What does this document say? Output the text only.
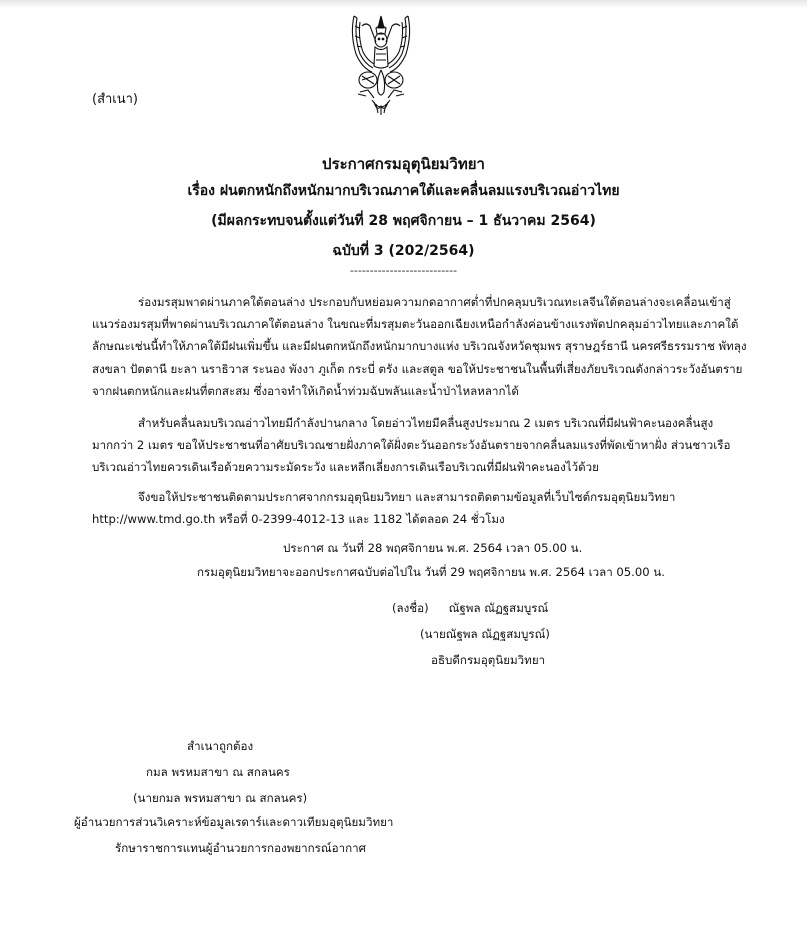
(สำเนา)
ประกาศกรมอุตุนิยมวิทยา
เรื่อง ฝนตกหนักถึงหนักมากบริเวณภาคใต้และคลื่นลมแรงบริเวณอ่าวไทย
(มีผลกระทบจนตั้งแต่วันที่ 28 พฤศจิกายน – 1 ธันวาคม 2564)
ฉบับที่ 3 (202/2564)
---------------------------
ร่องมรสุมพาดผ่านภาคใต้ตอนล่าง ประกอบกับหย่อมความกดอากาศต่ำที่ปกคลุมบริเวณทะเลจีนใต้ตอนล่างจะเคลื่อนเข้าสู่
แนวร่องมรสุมที่พาดผ่านบริเวณภาคใต้ตอนล่าง ในขณะที่มรสุมตะวันออกเฉียงเหนือกำลังค่อนข้างแรงพัดปกคลุมอ่าวไทยและภาคใต้
ลักษณะเช่นนี้ทำให้ภาคใต้มีฝนเพิ่มขึ้น และมีฝนตกหนักถึงหนักมากบางแห่ง บริเวณจังหวัดชุมพร สุราษฎร์ธานี นครศรีธรรมราช พัทลุง
สงขลา ปัตตานี ยะลา นราธิวาส ระนอง พังงา ภูเก็ต กระบี่ ตรัง และสตูล ขอให้ประชาชนในพื้นที่เสี่ยงภัยบริเวณดังกล่าวระวังอันตราย
จากฝนตกหนักและฝนที่ตกสะสม ซึ่งอาจทำให้เกิดน้ำท่วมฉับพลันและน้ำป่าไหลหลากได้
สำหรับคลื่นลมบริเวณอ่าวไทยมีกำลังปานกลาง โดยอ่าวไทยมีคลื่นสูงประมาณ 2 เมตร บริเวณที่มีฝนฟ้าคะนองคลื่นสูง
มากกว่า 2 เมตร ขอให้ประชาชนที่อาศัยบริเวณชายฝั่งภาคใต้ฝั่งตะวันออกระวังอันตรายจากคลื่นลมแรงที่พัดเข้าหาฝั่ง ส่วนชาวเรือ
บริเวณอ่าวไทยควรเดินเรือด้วยความระมัดระวัง และหลีกเลี่ยงการเดินเรือบริเวณที่มีฝนฟ้าคะนองไว้ด้วย
จึงขอให้ประชาชนติดตามประกาศจากกรมอุตุนิยมวิทยา และสามารถติดตามข้อมูลที่เว็บไซต์กรมอุตุนิยมวิทยา
http://www.tmd.go.th หรือที่ 0-2399-4012-13 และ 1182 ได้ตลอด 24 ชั่วโมง
ประกาศ ณ วันที่ 28 พฤศจิกายน พ.ศ. 2564 เวลา 05.00 น.
กรมอุตุนิยมวิทยาจะออกประกาศฉบับต่อไปใน วันที่ 29 พฤศจิกายน พ.ศ. 2564 เวลา 05.00 น.
(ลงชื่อ) ณัฐพล ณัฏฐสมบูรณ์
(นายณัฐพล ณัฏฐสมบูรณ์)
อธิบดีกรมอุตุนิยมวิทยา
สำเนาถูกต้อง
กมล พรหมสาขา ณ สกลนคร
(นายกมล พรหมสาขา ณ สกลนคร)
ผู้อำนวยการส่วนวิเคราะห์ข้อมูลเรดาร์และดาวเทียมอุตุนิยมวิทยา
รักษาราชการแทนผู้อำนวยการกองพยากรณ์อากาศ
